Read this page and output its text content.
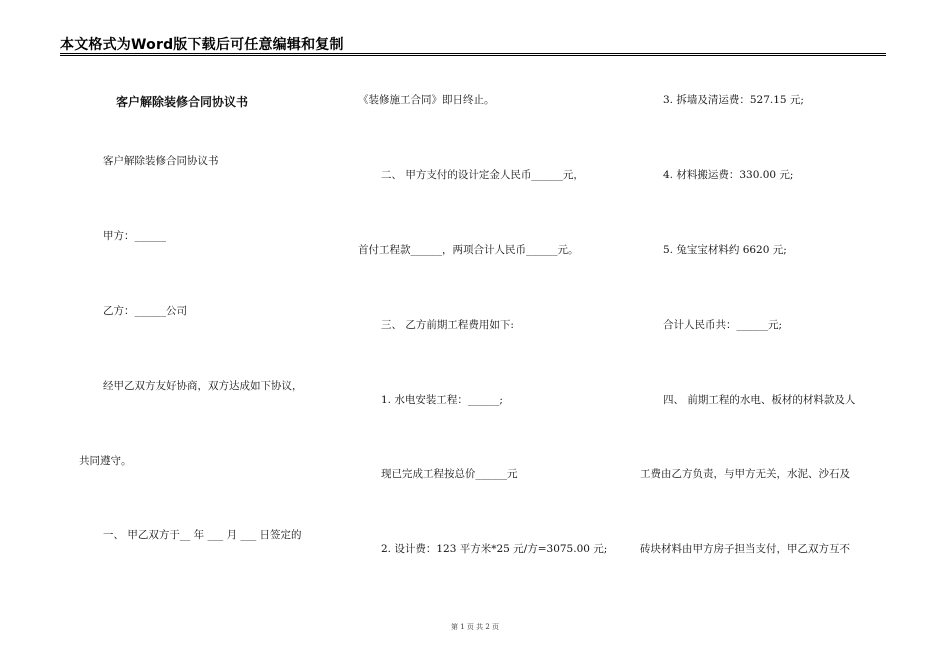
本文格式为Word版下载后可任意编辑和复制
客户解除装修合同协议书
客户解除装修合同协议书
甲方：______
乙方：______公司
经甲乙双方友好协商，双方达成如下协议，
共同遵守。
一、 甲乙双方于__ 年 ___ 月 ___ 日签定的
《装修施工合同》即日终止。
二、 甲方支付的设计定金人民币______元，
首付工程款______，两项合计人民币______元。
三、 乙方前期工程费用如下:
1. 水电安装工程：______;
现已完成工程按总价______元
2. 设计费：123 平方米*25 元/方=3075.00 元;
3. 拆墙及清运费：527.15 元;
4. 材料搬运费：330.00 元;
5. 兔宝宝材料约 6620 元;
合计人民币共：______元;
四、 前期工程的水电、板材的材料款及人
工费由乙方负责，与甲方无关，水泥、沙石及
砖块材料由甲方房子担当支付，甲乙双方互不
第 1 页 共 2 页
